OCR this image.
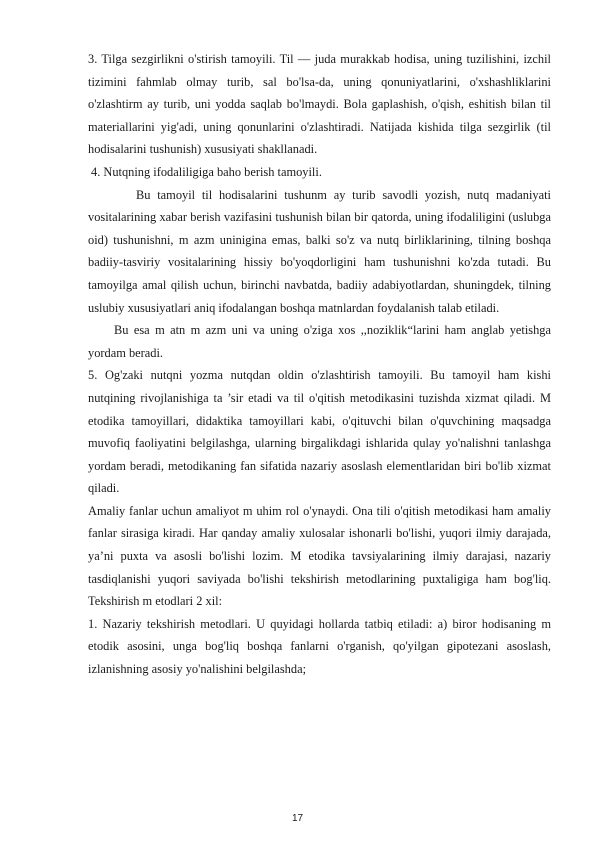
3. Tilga sezgirlikni o'stirish tamoyili. Til — juda murakkab hodisa, uning tuzilishini, izchil tizimini fahmlab olmay turib, sal bo'lsa-da, uning qonuniyatlarini, o'xshashliklarini o'zlashtirm ay turib, uni yodda saqlab bo'lmaydi. Bola gaplashish, o'qish, eshitish bilan til materiallarini yig'adi, uning qonunlarini o'zlashtiradi. Natijada kishida tilga sezgirlik (til hodisalarini tushunish) xususiyati shakllanadi.

4. Nutqning ifodaliligiga baho berish tamoyili.

Bu tamoyil til hodisalarini tushunm ay turib savodli yozish, nutq madaniyati vositalarining xabar berish vazifasini tushunish bilan bir qatorda, uning ifodaliligini (uslubga oid) tushunishni, m azm uninigina emas, balki so'z va nutq birliklarining, tilning boshqa badiiy-tasviriy vositalarining hissiy bo'yoqdorligini ham tushunishni ko'zda tutadi. Bu tamoyilga amal qilish uchun, birinchi navbatda, badiiy adabiyotlardan, shuningdek, tilning uslubiy xususiyatlari aniq ifodalangan boshqa matnlardan foydalanish talab etiladi.

Bu esa m atn m azm uni va uning o'ziga xos ,,noziklik“larini ham anglab yetishga yordam beradi.

5. Og'zaki nutqni yozma nutqdan oldin o'zlashtirish tamoyili. Bu tamoyil ham kishi nutqining rivojlanishiga ta ’sir etadi va til o'qitish metodikasini tuzishda xizmat qiladi. M etodika tamoyillari, didaktika tamoyillari kabi, o'qituvchi bilan o'quvchining maqsadga muvofiq faoliyatini belgilashga, ularning birgalikdagi ishlarida qulay yo'nalishni tanlashga yordam beradi, metodikaning fan sifatida nazariy asoslash elementlaridan biri bo'lib xizmat qiladi.

Amaliy fanlar uchun amaliyot m uhim rol o'ynaydi. Ona tili o'qitish metodikasi ham amaliy fanlar sirasiga kiradi. Har qanday amaliy xulosalar ishonarli bo'lishi, yuqori ilmiy darajada, ya’ni puxta va asosli bo'lishi lozim. M etodika tavsiyalarining ilmiy darajasi, nazariy tasdiqlanishi yuqori saviyada bo'lishi tekshirish metodlarining puxtaligiga ham bog'liq. Tekshirish m etodlari 2 xil:

1. Nazariy tekshirish metodlari. U quyidagi hollarda tatbiq etiladi: a) biror hodisaning m etodik asosini, unga bog'liq boshqa fanlarni o'rganish, qo'yilgan gipotezani asoslash, izlanishning asosiy yo'nalishini belgilashda;

17
